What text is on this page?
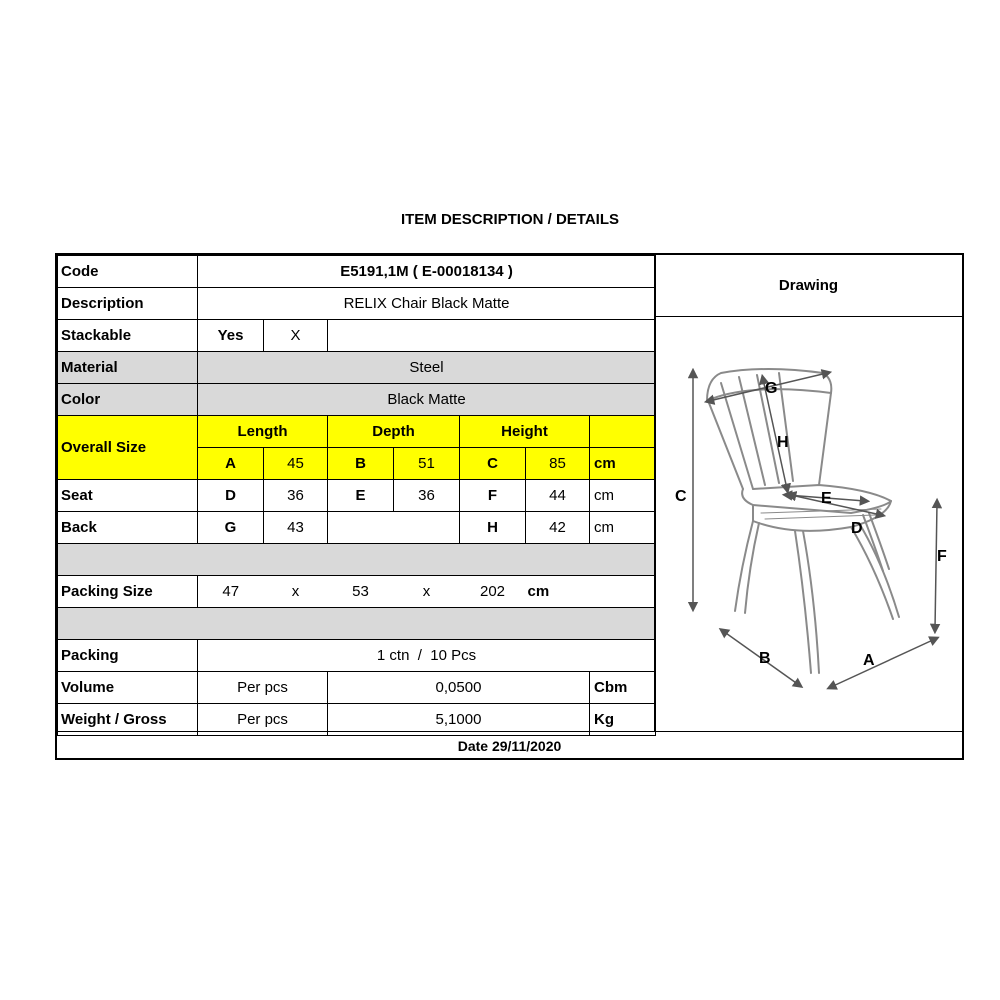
ITEM DESCRIPTION / DETAILS
Code	E5191,1M ( E-00018134 )						
Description	RELIX Chair Black Matte						
Stackable	Yes	X					
Material	Steel						
Color	Black Matte						
Overall Size	Length		Depth		Height		
	A	45	B	51	C	85	cm
Seat	D	36	E	36	F	44	cm
Back	G	43			H	42	cm

Packing Size	47	x	53	x	202	cm	

Packing	1 ctn  /  10 Pcs						
Volume	Per pcs		0,0500				Cbm
Weight / Gross	Per pcs		5,1000				Kg
Drawing
C
F
B	A
G
H
E
D
Date 29/11/2020
